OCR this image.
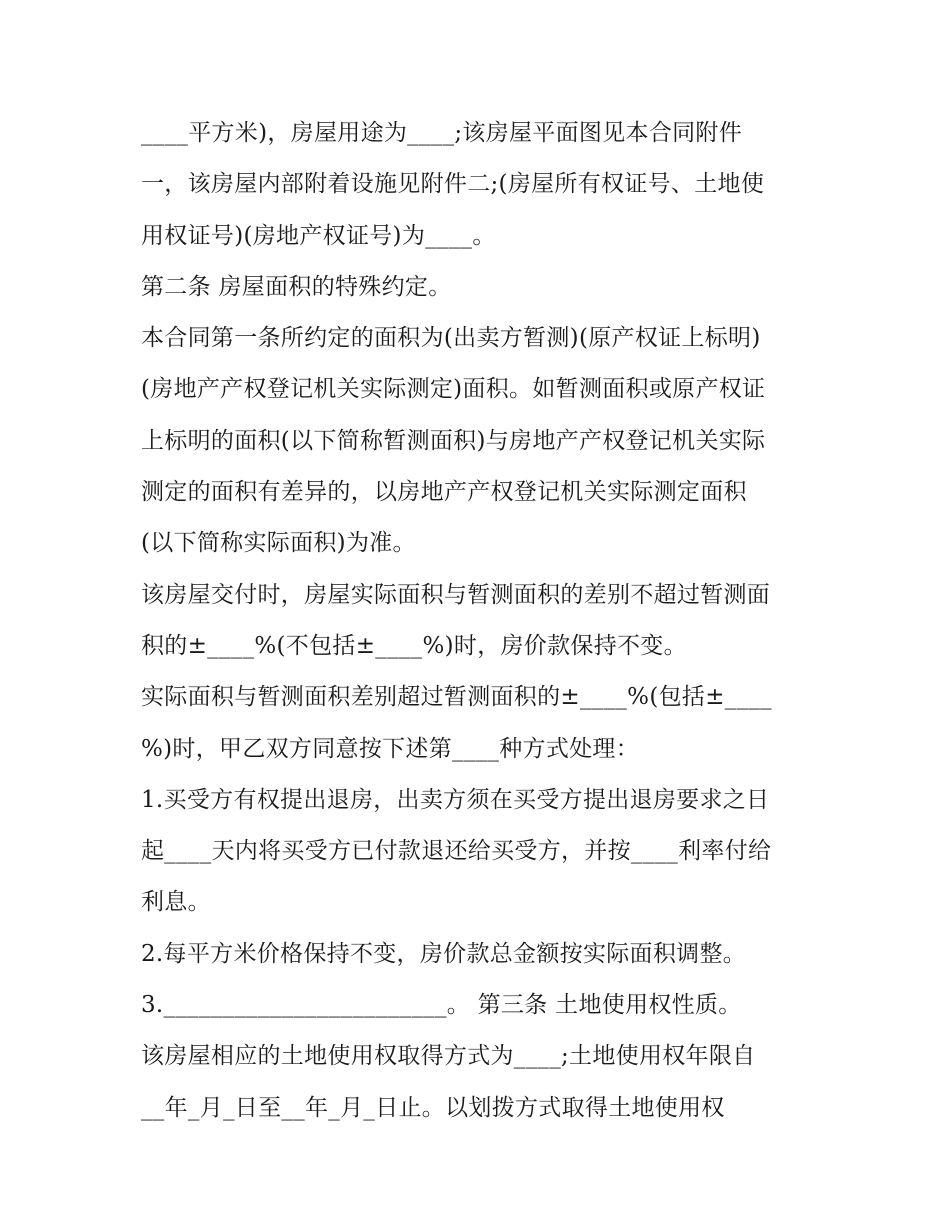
____平方米)，房屋用途为____;该房屋平面图见本合同附件
一，该房屋内部附着设施见附件二;(房屋所有权证号、土地使
用权证号)(房地产权证号)为____。
第二条 房屋面积的特殊约定。
本合同第一条所约定的面积为(出卖方暂测)(原产权证上标明)
(房地产产权登记机关实际测定)面积。如暂测面积或原产权证
上标明的面积(以下简称暂测面积)与房地产产权登记机关实际
测定的面积有差异的，以房地产产权登记机关实际测定面积
(以下简称实际面积)为准。
该房屋交付时，房屋实际面积与暂测面积的差别不超过暂测面
积的±____%(不包括±____%)时，房价款保持不变。
实际面积与暂测面积差别超过暂测面积的±____%(包括±____
%)时，甲乙双方同意按下述第____种方式处理：
1.买受方有权提出退房，出卖方须在买受方提出退房要求之日
起____天内将买受方已付款退还给买受方，并按____利率付给
利息。
2.每平方米价格保持不变，房价款总金额按实际面积调整。
3.________________________。 第三条 土地使用权性质。
该房屋相应的土地使用权取得方式为____;土地使用权年限自
__年_月_日至__年_月_日止。以划拨方式取得土地使用权
